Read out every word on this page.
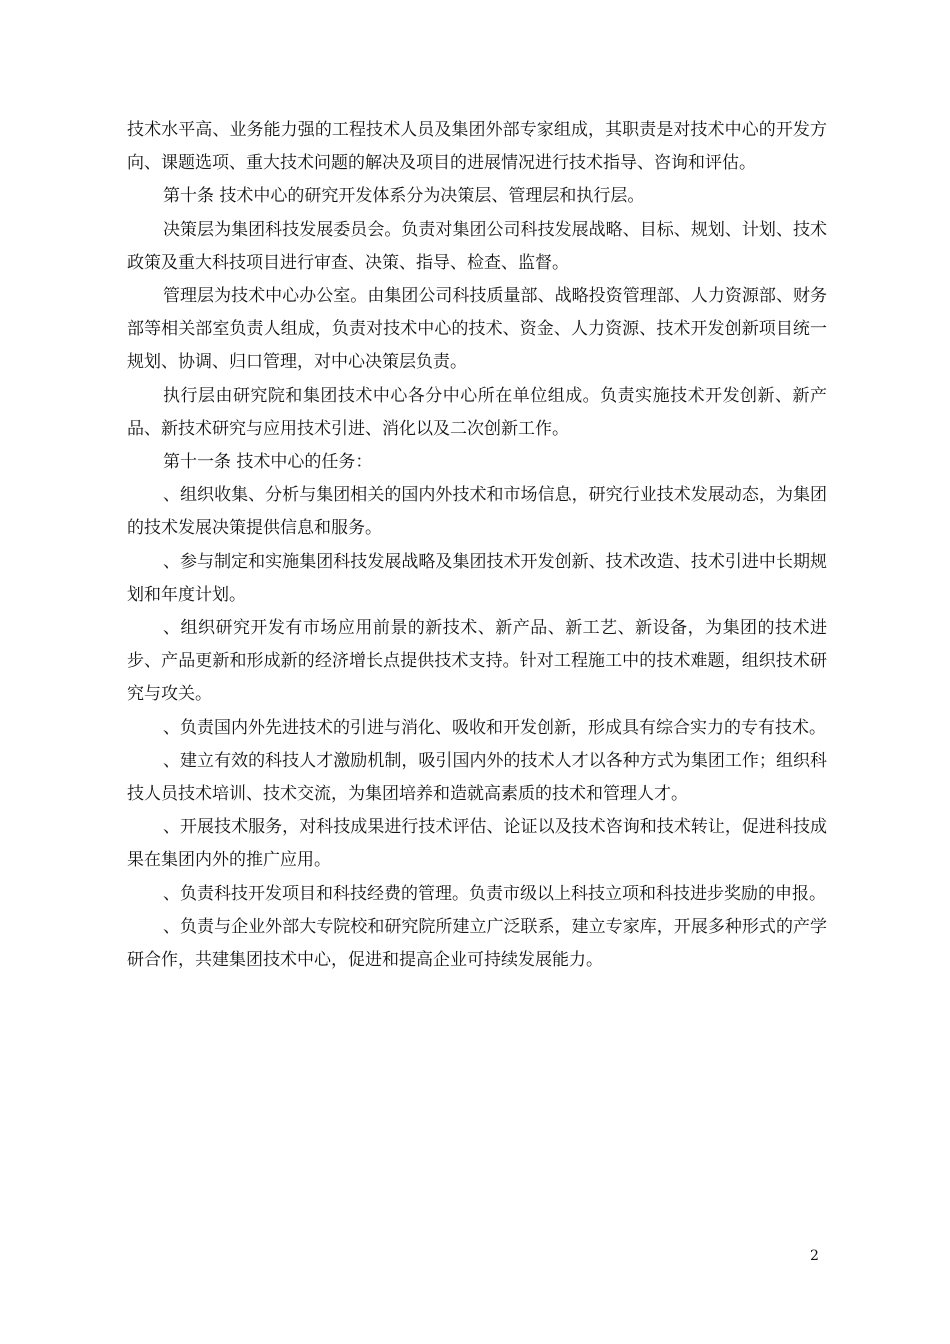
技术水平高、业务能力强的工程技术人员及集团外部专家组成，其职责是对技术中心的开发方向、课题选项、重大技术问题的解决及项目的进展情况进行技术指导、咨询和评估。

第十条 技术中心的研究开发体系分为决策层、管理层和执行层。

决策层为集团科技发展委员会。负责对集团公司科技发展战略、目标、规划、计划、技术政策及重大科技项目进行审查、决策、指导、检查、监督。

管理层为技术中心办公室。由集团公司科技质量部、战略投资管理部、人力资源部、财务部等相关部室负责人组成，负责对技术中心的技术、资金、人力资源、技术开发创新项目统一规划、协调、归口管理，对中心决策层负责。

执行层由研究院和集团技术中心各分中心所在单位组成。负责实施技术开发创新、新产品、新技术研究与应用技术引进、消化以及二次创新工作。

第十一条 技术中心的任务：

、组织收集、分析与集团相关的国内外技术和市场信息，研究行业技术发展动态，为集团的技术发展决策提供信息和服务。

、参与制定和实施集团科技发展战略及集团技术开发创新、技术改造、技术引进中长期规划和年度计划。

、组织研究开发有市场应用前景的新技术、新产品、新工艺、新设备，为集团的技术进步、产品更新和形成新的经济增长点提供技术支持。针对工程施工中的技术难题，组织技术研究与攻关。

、负责国内外先进技术的引进与消化、吸收和开发创新，形成具有综合实力的专有技术。

、建立有效的科技人才激励机制，吸引国内外的技术人才以各种方式为集团工作；组织科技人员技术培训、技术交流，为集团培养和造就高素质的技术和管理人才。

、开展技术服务，对科技成果进行技术评估、论证以及技术咨询和技术转让，促进科技成果在集团内外的推广应用。

、负责科技开发项目和科技经费的管理。负责市级以上科技立项和科技进步奖励的申报。

、负责与企业外部大专院校和研究院所建立广泛联系，建立专家库，开展多种形式的产学研合作，共建集团技术中心，促进和提高企业可持续发展能力。

2
